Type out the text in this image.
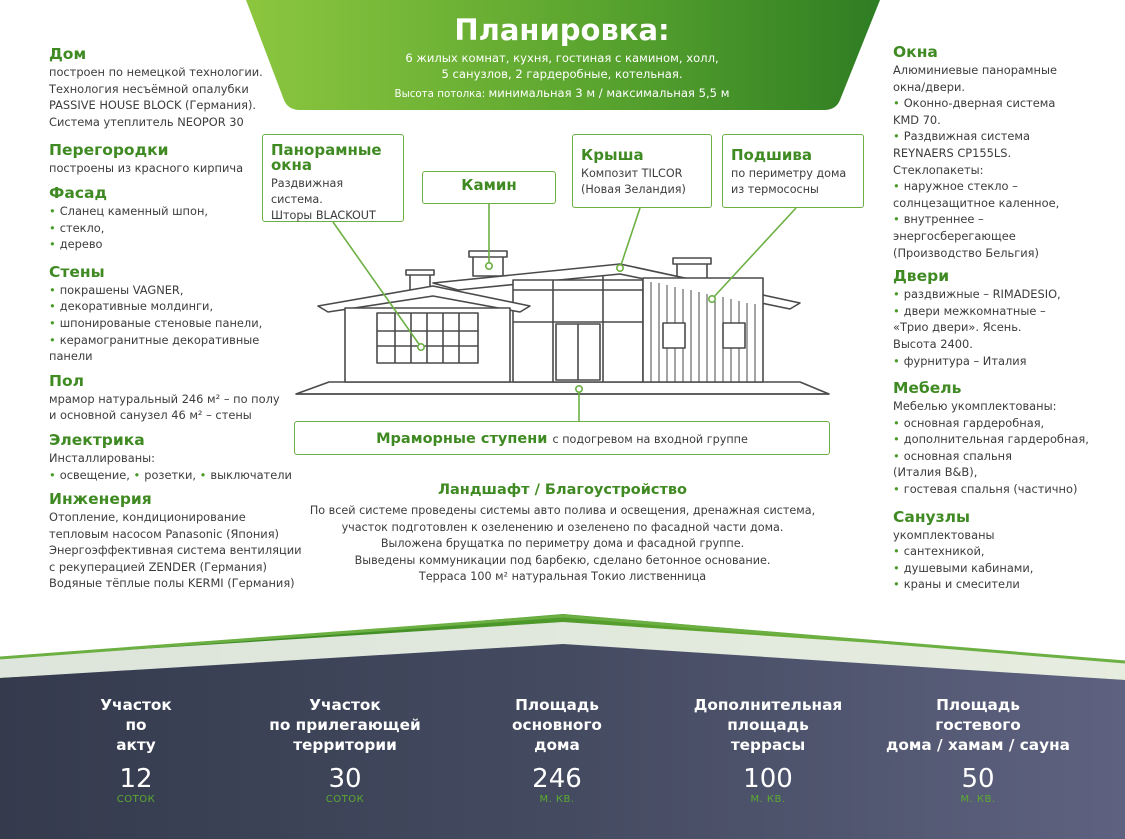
Планировка:
6 жилых комнат, кухня, гостиная с камином, холл,
5 санузлов, 2 гардеробные, котельная.
Высота потолка: минимальная 3 м / максимальная 5,5 м
Дом
построен по немецкой технологии.
Технология несъёмной опалубки
PASSIVE HOUSE BLOCK (Германия).
Система утеплитель NEOPOR 30
Перегородки
построены из красного кирпича
Фасад
• Сланец каменный шпон,
• стекло,
• дерево
Стены
• покрашены VAGNER,
• декоративные молдинги,
• шпонированые стеновые панели,
• керамогранитные декоративные
панели
Пол
мрамор натуральный 246 м² – по полу
и основной санузел 46 м² – стены
Электрика
Инсталлированы:
• освещение, • розетки, • выключатели
Инженерия
Отопление, кондиционирование
тепловым насосом Panasonic (Япония)
Энергоэффективная система вентиляции
с рекуперацией ZENDER (Германия)
Водяные тёплые полы KERMI (Германия)
Окна
Алюминиевые панорамные
окна/двери.
• Оконно-дверная система
KMD 70.
• Раздвижная система
REYNAERS CP155LS.
Стеклопакеты:
• наружное стекло –
солнцезащитное каленное,
• внутреннее –
энергосберегающее
(Производство Бельгия)
Двери
• раздвижные – RIMADESIO,
• двери межкомнатные –
«Трио двери». Ясень.
Высота 2400.
• фурнитура – Италия
Мебель
Мебелью укомплектованы:
• основная гардеробная,
• дополнительная гардеробная,
• основная спальня
(Италия B&B),
• гостевая спальня (частично)
Санузлы
укомплектованы
• сантехникой,
• душевыми кабинами,
• краны и смесители
Панорамные
окна
Раздвижная система.
Шторы BLACKOUT
Камин
Крыша
Композит TILCOR
(Новая Зеландия)
Подшива
по периметру дома
из термососны
Мраморные ступени с подогревом на входной группе
Ландшафт / Благоустройство
По всей системе проведены системы авто полива и освещения, дренажная система,
участок подготовлен к озеленению и озеленено по фасадной части дома.
Выложена брущатка по периметру дома и фасадной группе.
Выведены коммуникации под барбекю, сделано бетонное основание.
Терраса 100 м² натуральная Токио лиственница
Участок
по
акту
12
СОТОК
Участок
по прилегающей
территории
30
СОТОК
Площадь
основного
дома
246
М. КВ.
Дополнительная
площадь
террасы
100
М. КВ.
Площадь
гостевого
дома / хамам / сауна
50
М. КВ.
